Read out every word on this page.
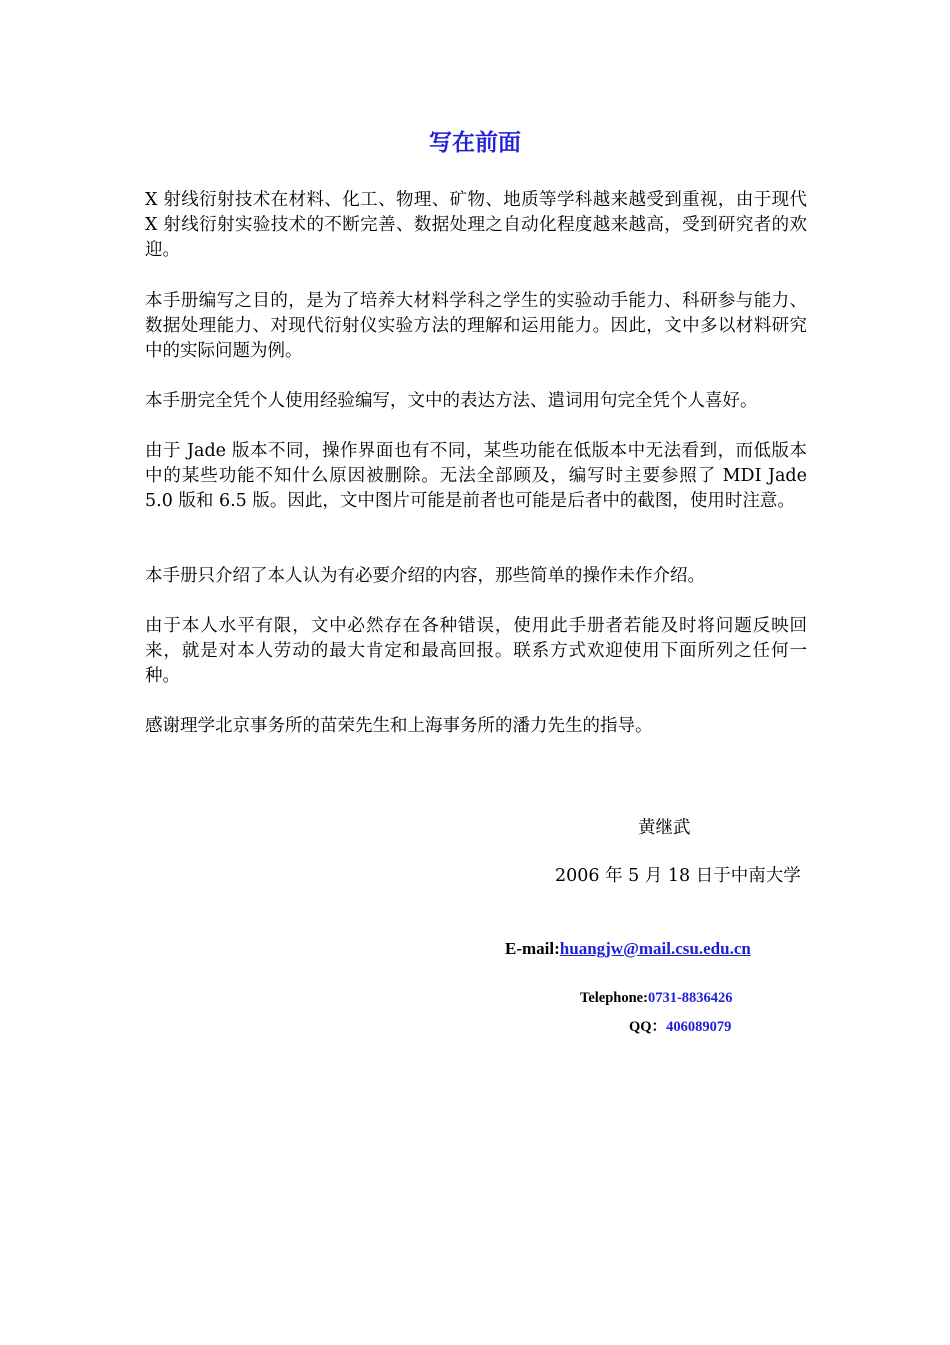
写在前面

X 射线衍射技术在材料、化工、物理、矿物、地质等学科越来越受到重视，由于现代 X 射线衍射实验技术的不断完善、数据处理之自动化程度越来越高，受到研究者的欢迎。

本手册编写之目的，是为了培养大材料学科之学生的实验动手能力、科研参与能力、数据处理能力、对现代衍射仪实验方法的理解和运用能力。因此，文中多以材料研究中的实际问题为例。

本手册完全凭个人使用经验编写，文中的表达方法、遣词用句完全凭个人喜好。

由于 Jade 版本不同，操作界面也有不同，某些功能在低版本中无法看到，而低版本中的某些功能不知什么原因被删除。无法全部顾及，编写时主要参照了 MDI Jade 5.0 版和 6.5 版。因此，文中图片可能是前者也可能是后者中的截图，使用时注意。

本手册只介绍了本人认为有必要介绍的内容，那些简单的操作未作介绍。

由于本人水平有限，文中必然存在各种错误，使用此手册者若能及时将问题反映回来，就是对本人劳动的最大肯定和最高回报。联系方式欢迎使用下面所列之任何一种。

感谢理学北京事务所的苗荣先生和上海事务所的潘力先生的指导。

黄继武
2006 年 5 月 18 日于中南大学
E-mail:huangjw@mail.csu.edu.cn
Telephone:0731-8836426
QQ：406089079
